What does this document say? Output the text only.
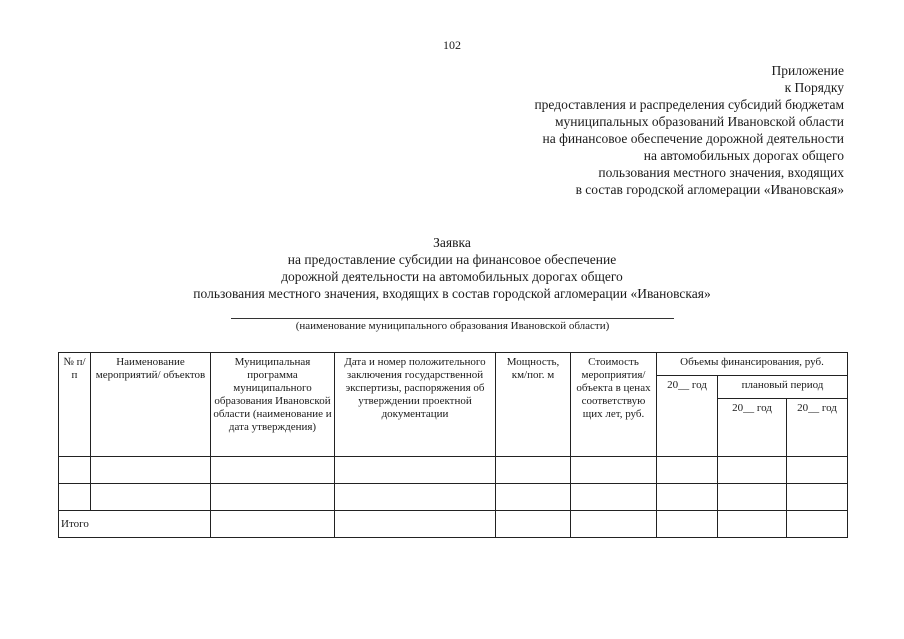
102
Приложение
к Порядку
предоставления и распределения субсидий бюджетам
муниципальных образований Ивановской области
на финансовое обеспечение дорожной деятельности
на автомобильных дорогах общего
пользования местного значения, входящих
в состав городской агломерации «Ивановская»
Заявка
на предоставление субсидии на финансовое обеспечение
дорожной деятельности на автомобильных дорогах общего
пользования местного значения, входящих в состав городской агломерации «Ивановская»
(наименование муниципального образования Ивановской области)
№ п/п	Наименование мероприятий/ объектов	Муниципальная программа муниципального образования Ивановской области (наименование и дата утверждения)	Дата и номер положительного заключения государственной экспертизы, распоряжения об утверждении проектной документации	Мощность, км/пог. м	Стоимость мероприятия/ объекта в ценах соответствую щих лет, руб.	Объемы финансирования, руб.		
						20__ год	плановый период	
							20__ год	20__ год

Итого								
